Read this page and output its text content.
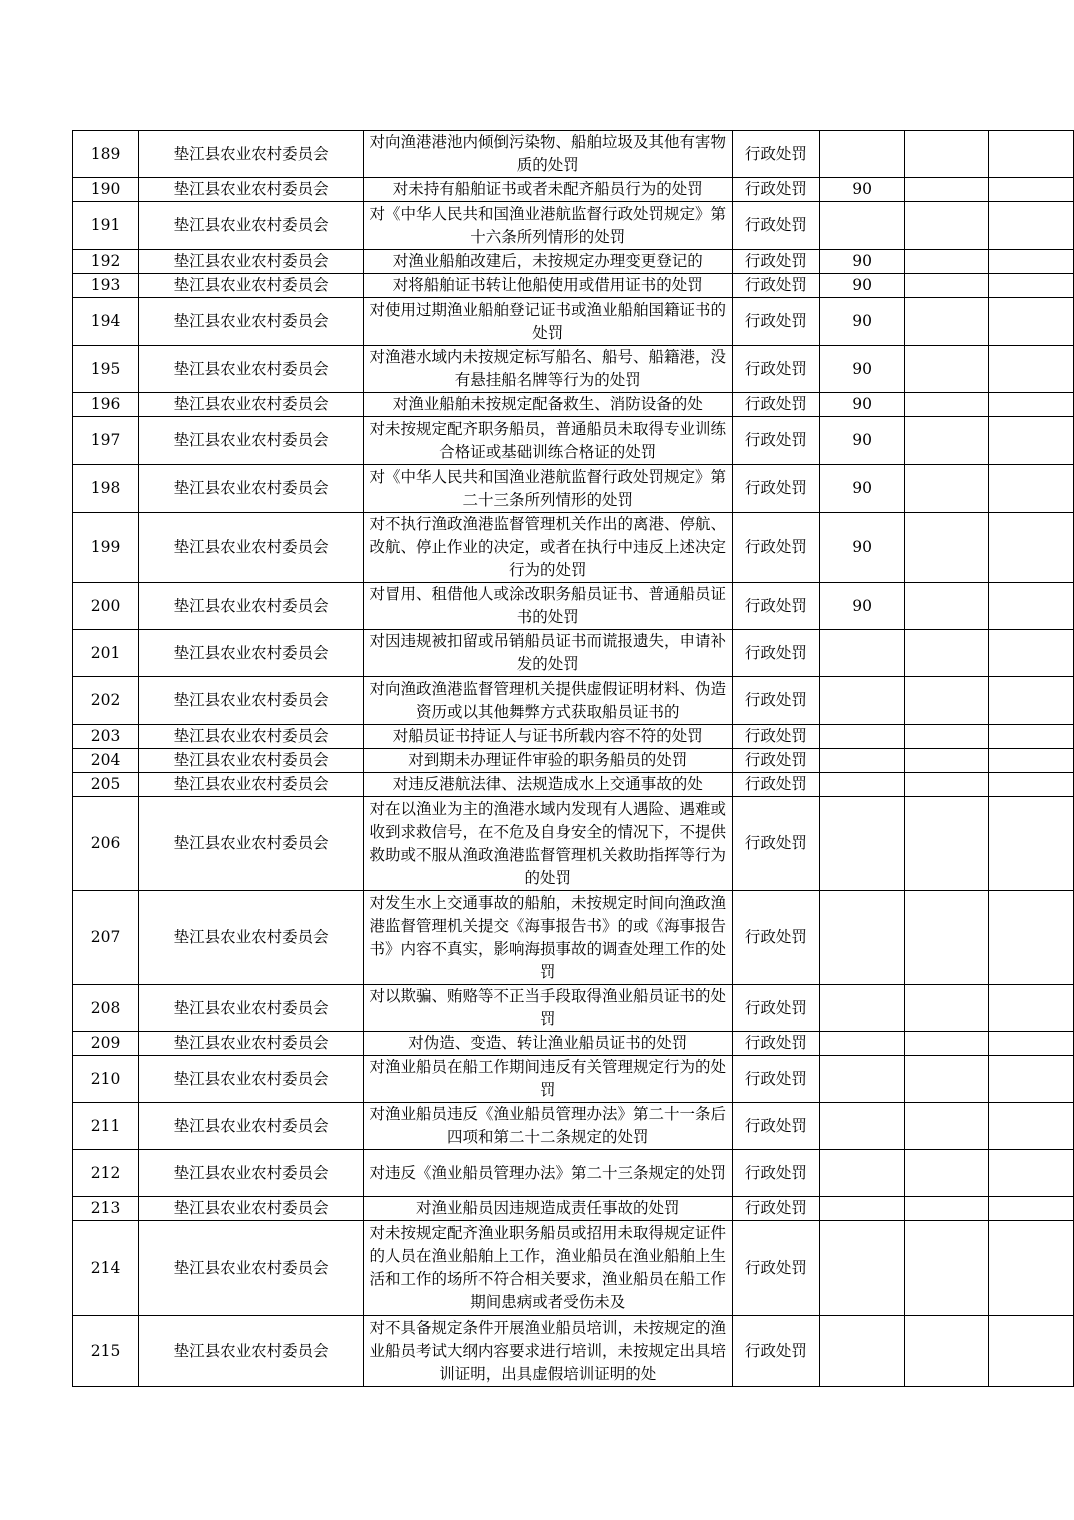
189	垫江县农业农村委员会	对向渔港港池内倾倒污染物、船舶垃圾及其他有害物质的处罚	行政处罚			
190	垫江县农业农村委员会	对未持有船舶证书或者未配齐船员行为的处罚	行政处罚	90		
191	垫江县农业农村委员会	对《中华人民共和国渔业港航监督行政处罚规定》第十六条所列情形的处罚	行政处罚			
192	垫江县农业农村委员会	对渔业船舶改建后，未按规定办理变更登记的	行政处罚	90		
193	垫江县农业农村委员会	对将船舶证书转让他船使用或借用证书的处罚	行政处罚	90		
194	垫江县农业农村委员会	对使用过期渔业船舶登记证书或渔业船舶国籍证书的处罚	行政处罚	90		
195	垫江县农业农村委员会	对渔港水域内未按规定标写船名、船号、船籍港，没有悬挂船名牌等行为的处罚	行政处罚	90		
196	垫江县农业农村委员会	对渔业船舶未按规定配备救生、消防设备的处	行政处罚	90		
197	垫江县农业农村委员会	对未按规定配齐职务船员，普通船员未取得专业训练合格证或基础训练合格证的处罚	行政处罚	90		
198	垫江县农业农村委员会	对《中华人民共和国渔业港航监督行政处罚规定》第二十三条所列情形的处罚	行政处罚	90		
199	垫江县农业农村委员会	对不执行渔政渔港监督管理机关作出的离港、停航、改航、停止作业的决定，或者在执行中违反上述决定行为的处罚	行政处罚	90		
200	垫江县农业农村委员会	对冒用、租借他人或涂改职务船员证书、普通船员证书的处罚	行政处罚	90		
201	垫江县农业农村委员会	对因违规被扣留或吊销船员证书而谎报遗失，申请补发的处罚	行政处罚			
202	垫江县农业农村委员会	对向渔政渔港监督管理机关提供虚假证明材料、伪造资历或以其他舞弊方式获取船员证书的	行政处罚			
203	垫江县农业农村委员会	对船员证书持证人与证书所载内容不符的处罚	行政处罚			
204	垫江县农业农村委员会	对到期未办理证件审验的职务船员的处罚	行政处罚			
205	垫江县农业农村委员会	对违反港航法律、法规造成水上交通事故的处	行政处罚			
206	垫江县农业农村委员会	对在以渔业为主的渔港水域内发现有人遇险、遇难或收到求救信号，在不危及自身安全的情况下，不提供救助或不服从渔政渔港监督管理机关救助指挥等行为的处罚	行政处罚			
207	垫江县农业农村委员会	对发生水上交通事故的船舶，未按规定时间向渔政渔港监督管理机关提交《海事报告书》的或《海事报告书》内容不真实，影响海损事故的调查处理工作的处罚	行政处罚			
208	垫江县农业农村委员会	对以欺骗、贿赂等不正当手段取得渔业船员证书的处罚	行政处罚			
209	垫江县农业农村委员会	对伪造、变造、转让渔业船员证书的处罚	行政处罚			
210	垫江县农业农村委员会	对渔业船员在船工作期间违反有关管理规定行为的处罚	行政处罚			
211	垫江县农业农村委员会	对渔业船员违反《渔业船员管理办法》第二十一条后四项和第二十二条规定的处罚	行政处罚			
212	垫江县农业农村委员会	对违反《渔业船员管理办法》第二十三条规定的处罚	行政处罚			
213	垫江县农业农村委员会	对渔业船员因违规造成责任事故的处罚	行政处罚			
214	垫江县农业农村委员会	对未按规定配齐渔业职务船员或招用未取得规定证件的人员在渔业船舶上工作，渔业船员在渔业船舶上生活和工作的场所不符合相关要求，渔业船员在船工作期间患病或者受伤未及	行政处罚			
215	垫江县农业农村委员会	对不具备规定条件开展渔业船员培训，未按规定的渔业船员考试大纲内容要求进行培训，未按规定出具培训证明，出具虚假培训证明的处	行政处罚			
